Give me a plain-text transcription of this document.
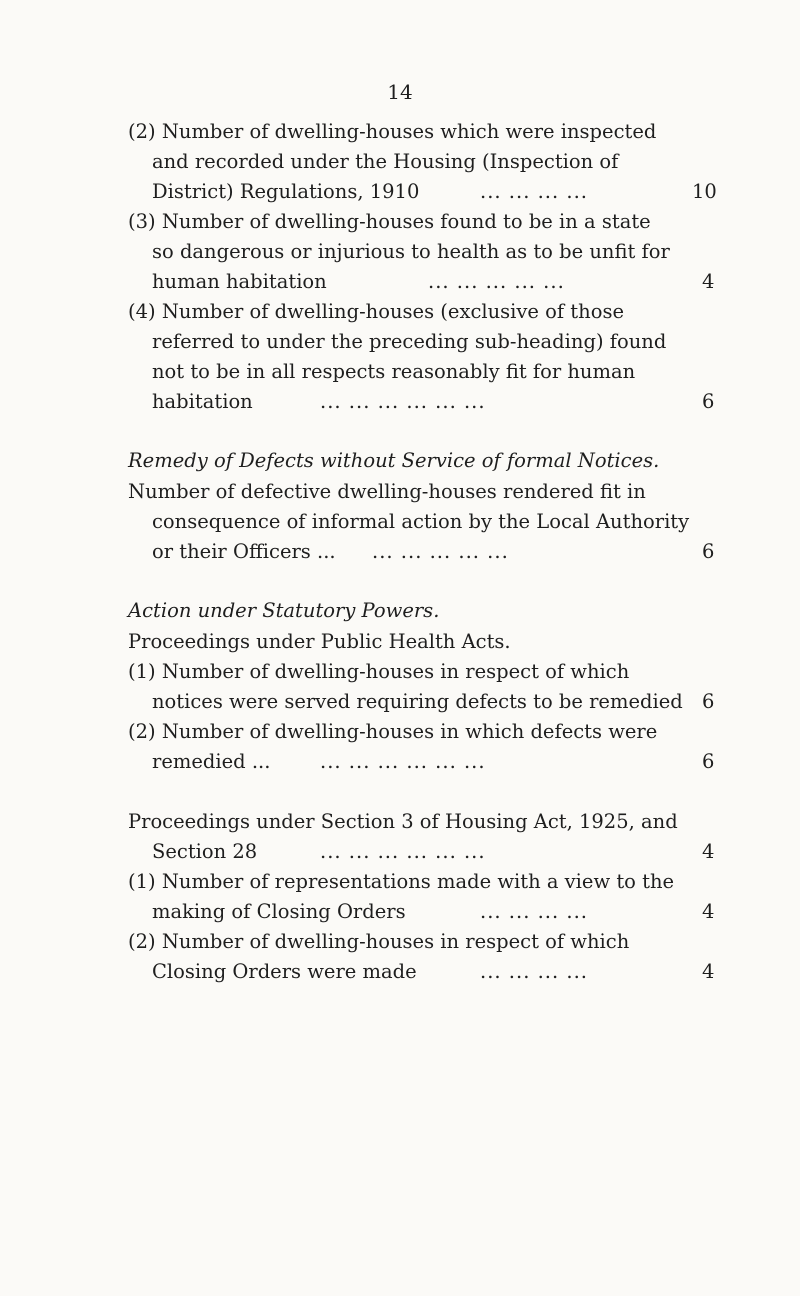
14
(2) Number of dwelling-houses which were inspected
and recorded under the Housing (Inspection of
District) Regulations, 1910	... ... ... ...	10
(3) Number of dwelling-houses found to be in a state
so dangerous or injurious to health as to be unfit for
human habitation	... ... ... ... ...	4
(4) Number of dwelling-houses (exclusive of those
referred to under the preceding sub-heading) found
not to be in all respects reasonably fit for human
habitation	... ... ... ... ... ...	6
Remedy of Defects without Service of formal Notices.
Number of defective dwelling-houses rendered fit in
consequence of informal action by the Local Authority
or their Officers ... ... ... ... ... ...	6
Action under Statutory Powers.
Proceedings under Public Health Acts.
(1) Number of dwelling-houses in respect of which
notices were served requiring defects to be remedied 6
(2) Number of dwelling-houses in which defects were
remedied ...	... ... ... ... ... ...	6
Proceedings under Section 3 of Housing Act, 1925, and
Section 28	... ... ... ... ... ...	4
(1) Number of representations made with a view to the
making of Closing Orders	... ... ... ...	4
(2) Number of dwelling-houses in respect of which
Closing Orders were made	... ... ... ...	4
